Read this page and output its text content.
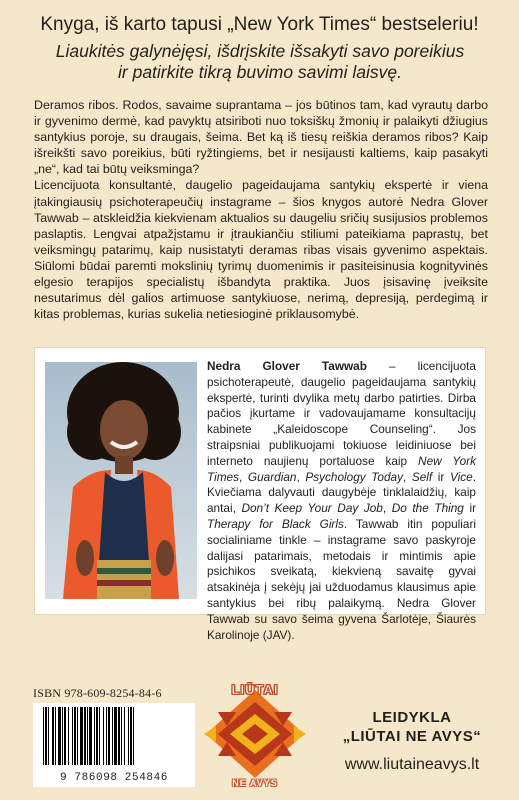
Knyga, iš karto tapusi „New York Times“ bestseleriu!
Liaukitės galynėjęsi, išdrįskite išsakyti savo poreikius
ir patirkite tikrą buvimo savimi laisvę.

Deramos ribos. Rodos, savaime suprantama – jos būtinos tam, kad vyrautų darbo ir gyvenimo dermė, kad pavyktų atsiriboti nuo toksiškų žmonių ir palaikyti džiugius santykius poroje, su draugais, šeima. Bet ką iš tiesų reiškia deramos ribos? Kaip išreikšti savo poreikius, būti ryžtingiems, bet ir nesijausti kaltiems, kaip pasakyti „ne“, kad tai būtų veiksminga?

Licencijuota konsultantė, daugelio pageidaujama santykių ekspertė ir viena įtakingiausių psichoterapeučių instagrame – šios knygos autorė Nedra Glover Tawwab – atskleidžia kiekvienam aktualios su daugeliu sričių susijusios problemos paslaptis. Lengvai atpažįstamu ir įtraukiančiu stiliumi pateikiama paprastų, bet veiksmingų patarimų, kaip nusistatyti deramas ribas visais gyvenimo aspektais. Siūlomi būdai paremti mokslinių tyrimų duomenimis ir pasiteisinusia kognityvinės elgesio terapijos specialistų išbandyta praktika. Juos įsisavinę įveiksite nesutarimus dėl galios artimuose santykiuose, nerimą, depresiją, perdegimą ir kitas problemas, kurias sukelia netiesioginė priklausomybė.

Nedra Glover Tawwab – licencijuota psichoterapeutė, daugelio pageidaujama santykių ekspertė, turinti dvylika metų darbo patirties. Dirba pačios įkurtame ir vadovaujamame konsultacijų kabinete „Kaleidoscope Counseling“. Jos straipsniai publikuojami tokiuose leidiniuose bei interneto naujienų portaluose kaip New York Times, Guardian, Psychology Today, Self ir Vice. Kviečiama dalyvauti daugybėje tinklalaidžių, kaip antai, Don’t Keep Your Day Job, Do the Thing ir Therapy for Black Girls. Tawwab itin populiari socialiniame tinkle – instagrame savo paskyroje dalijasi patarimais, metodais ir mintimis apie psichikos sveikatą, kiekvieną savaitę gyvai atsakinėja į sekėjų jai užduodamus klausimus apie santykius bei ribų palaikymą. Nedra Glover Tawwab su savo šeima gyvena Šarlotėje, Šiaurės Karolinoje (JAV).
ISBN 978-609-8254-84-6
9 786098 254846
LIŪTAI
NE AVYS
LEIDYKLA
„LIŪTAI NE AVYS“
www.liutaineavys.lt
